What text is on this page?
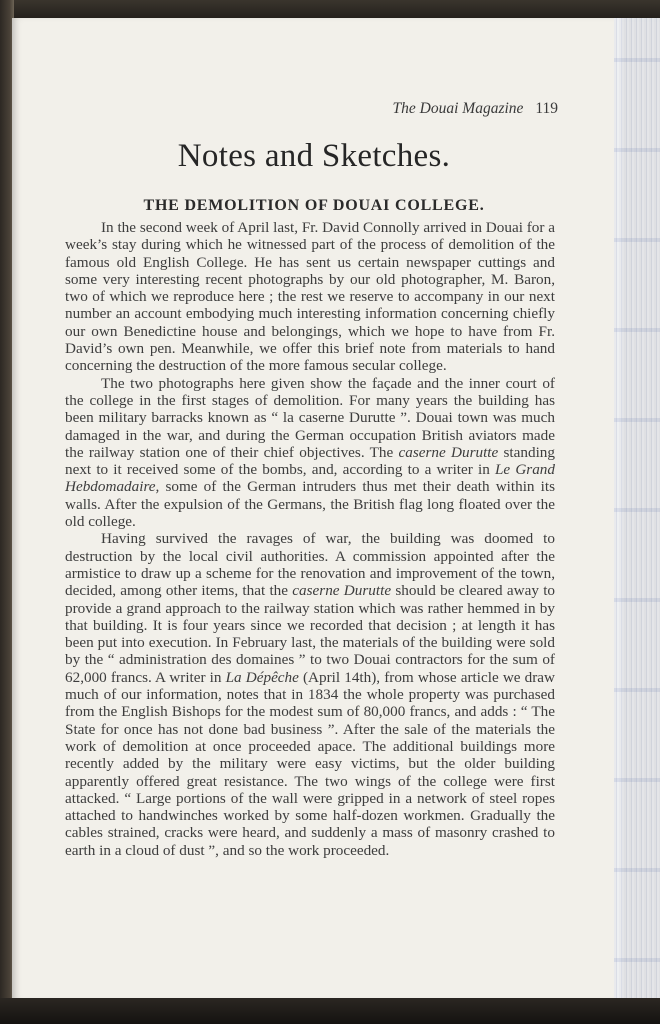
The Douai Magazine 119
Notes and Sketches.
THE DEMOLITION OF DOUAI COLLEGE.

In the second week of April last, Fr. David Connolly arrived in Douai for a week’s stay during which he witnessed part of the process of demolition of the famous old English College. He has sent us certain newspaper cuttings and some very interesting recent photographs by our old photographer, M. Baron, two of which we reproduce here ; the rest we reserve to accompany in our next number an account embodying much interesting information concerning chiefly our own Benedictine house and belongings, which we hope to have from Fr. David’s own pen. Meanwhile, we offer this brief note from materials to hand concerning the destruction of the more famous secular college.

The two photographs here given show the façade and the inner court of the college in the first stages of demolition. For many years the building has been military barracks known as “ la caserne Durutte ”. Douai town was much damaged in the war, and during the German occupation British aviators made the railway station one of their chief objectives. The caserne Durutte standing next to it received some of the bombs, and, according to a writer in Le Grand Hebdomadaire, some of the German intruders thus met their death within its walls. After the expulsion of the Germans, the British flag long floated over the old college.

Having survived the ravages of war, the building was doomed to destruction by the local civil authorities. A commission appointed after the armistice to draw up a scheme for the renovation and improvement of the town, decided, among other items, that the caserne Durutte should be cleared away to provide a grand approach to the railway station which was rather hemmed in by that building. It is four years since we recorded that decision ; at length it has been put into execution. In February last, the materials of the building were sold by the “ administration des domaines ” to two Douai contractors for the sum of 62,000 francs. A writer in La Dépêche (April 14th), from whose article we draw much of our information, notes that in 1834 the whole property was purchased from the English Bishops for the modest sum of 80,000 francs, and adds : “ The State for once has not done bad business ”. After the sale of the materials the work of demolition at once proceeded apace. The additional buildings more recently added by the military were easy victims, but the older building apparently offered great resistance. The two wings of the college were first attacked. “ Large portions of the wall were gripped in a network of steel ropes attached to handwinches worked by some half-dozen workmen. Gradually the cables strained, cracks were heard, and suddenly a mass of masonry crashed to earth in a cloud of dust ”, and so the work proceeded.
